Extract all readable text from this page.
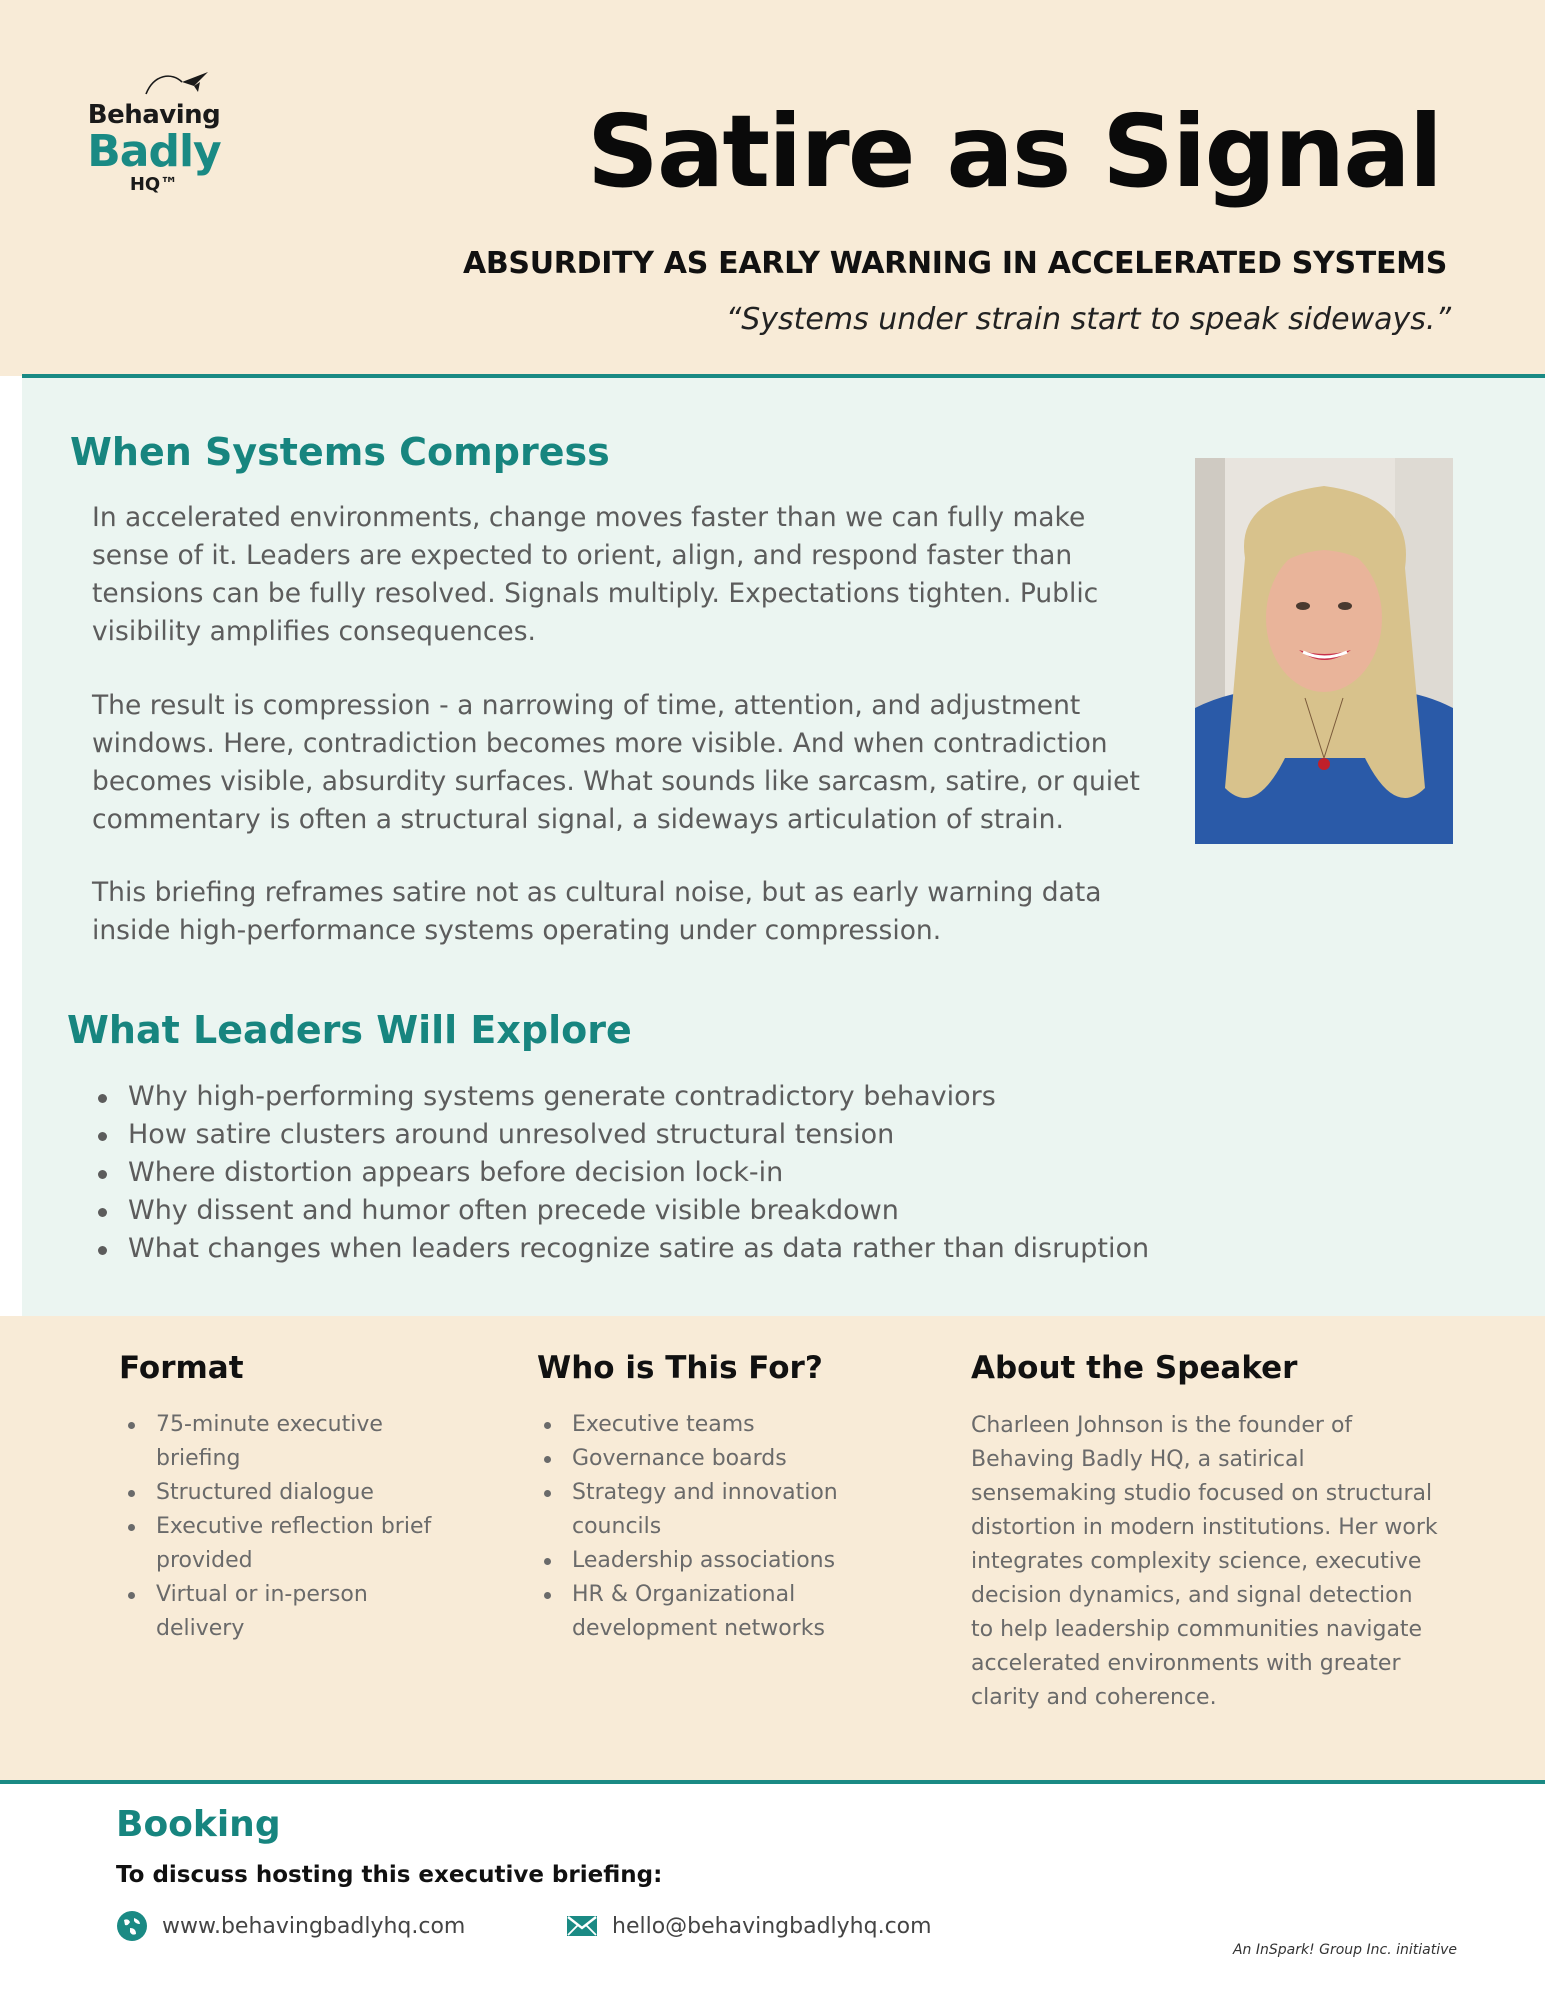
Behaving
Badly
HQ™	Satire as Signal
ABSURDITY AS EARLY WARNING IN ACCELERATED SYSTEMS
“Systems under strain start to speak sideways.”
When Systems Compress

In accelerated environments, change moves faster than we can fully make sense of it. Leaders are expected to orient, align, and respond faster than tensions can be fully resolved. Signals multiply. Expectations tighten. Public visibility amplifies consequences.

The result is compression - a narrowing of time, attention, and adjustment windows. Here, contradiction becomes more visible. And when contradiction becomes visible, absurdity surfaces. What sounds like sarcasm, satire, or quiet commentary is often a structural signal, a sideways articulation of strain.

This briefing reframes satire not as cultural noise, but as early warning data inside high-performance systems operating under compression.

What Leaders Will Explore
Why high-performing systems generate contradictory behaviors
How satire clusters around unresolved structural tension
Where distortion appears before decision lock-in
Why dissent and humor often precede visible breakdown
What changes when leaders recognize satire as data rather than disruption
Format
75-minute executive briefing
Structured dialogue
Executive reflection brief provided
Virtual or in-person delivery
Who is This For?
Executive teams
Governance boards
Strategy and innovation councils
Leadership associations
HR & Organizational development networks
About the Speaker

Charleen Johnson is the founder of Behaving Badly HQ, a satirical sensemaking studio focused on structural distortion in modern institutions. Her work integrates complexity science, executive decision dynamics, and signal detection to help leadership communities navigate accelerated environments with greater clarity and coherence.

Booking
To discuss hosting this executive briefing:
www.behavingbadlyhq.com	hello@behavingbadlyhq.com
An InSpark! Group Inc. initiative
